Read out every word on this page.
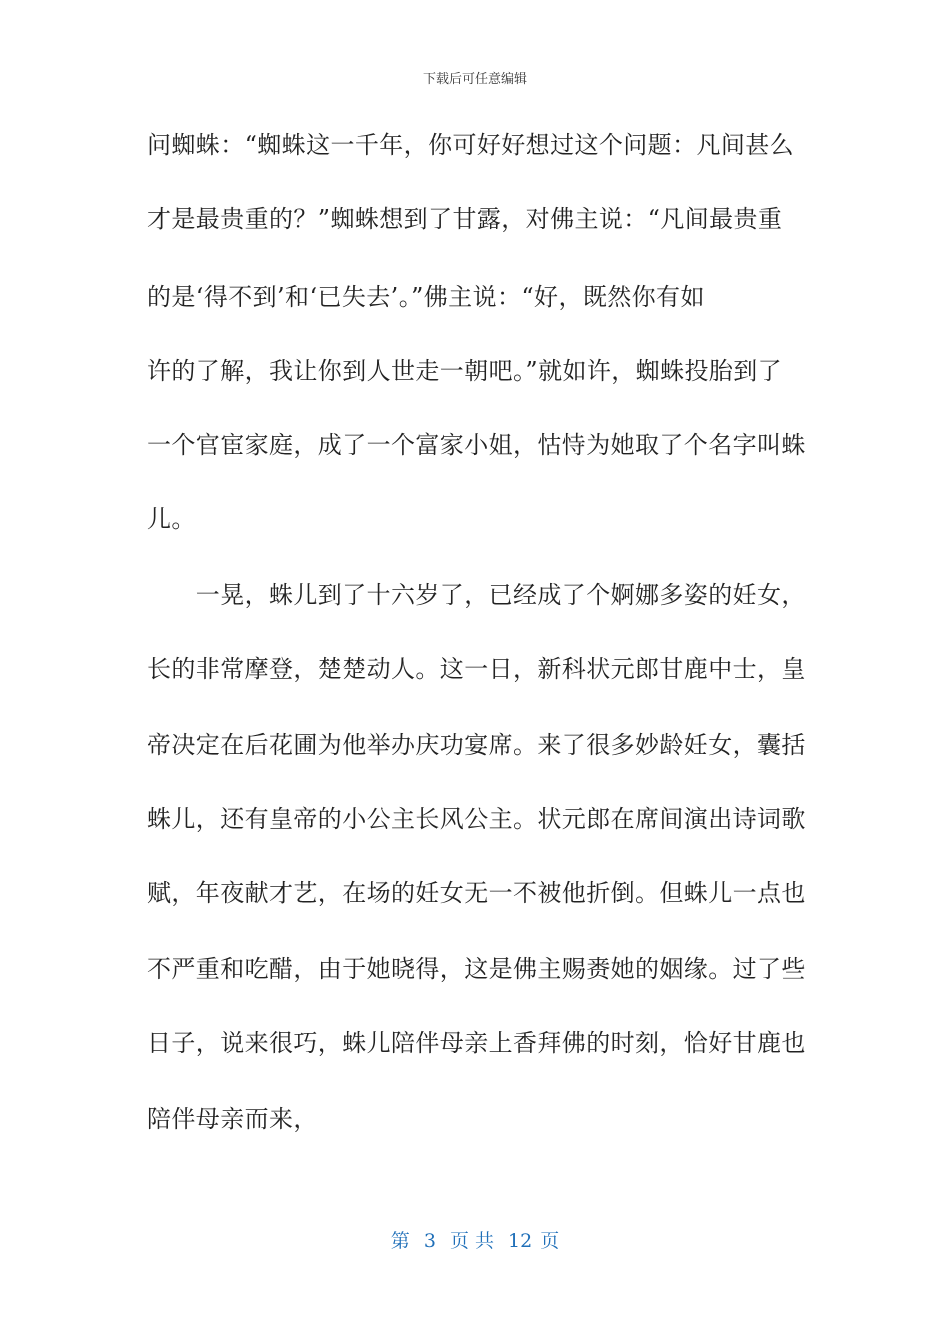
下载后可任意编辑
问蜘蛛：“蜘蛛这一千年，你可好好想过这个问题：凡间甚么
才是最贵重的？”蜘蛛想到了甘露，对佛主说：“凡间最贵重
的是‘得不到’和‘已失去’。”佛主说：“好，既然你有如
许的了解，我让你到人世走一朝吧。”就如许，蜘蛛投胎到了
一个官宦家庭，成了一个富家小姐，怙恃为她取了个名字叫蛛
儿。
　　一晃，蛛儿到了十六岁了，已经成了个婀娜多姿的妊女，
长的非常摩登，楚楚动人。这一日，新科状元郎甘鹿中士，皇
帝决定在后花圃为他举办庆功宴席。来了很多妙龄妊女，囊括
蛛儿，还有皇帝的小公主长风公主。状元郎在席间演出诗词歌
赋，年夜献才艺，在场的妊女无一不被他折倒。但蛛儿一点也
不严重和吃醋，由于她晓得，这是佛主赐赉她的姻缘。过了些
日子，说来很巧，蛛儿陪伴母亲上香拜佛的时刻，恰好甘鹿也
陪伴母亲而来，
第 3 页 共 12 页
